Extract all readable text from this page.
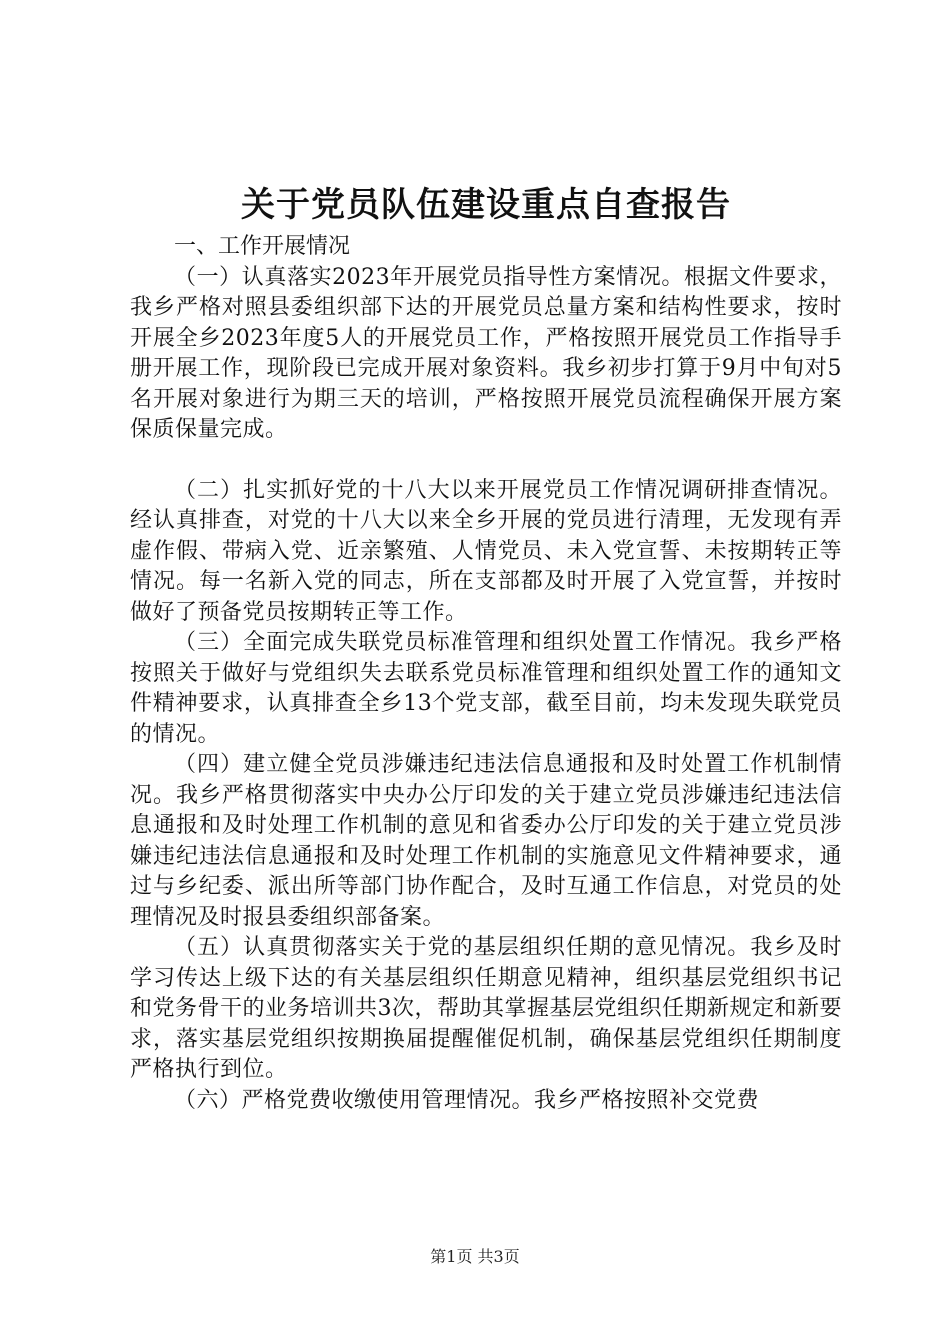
关于党员队伍建设重点自查报告

一、工作开展情况

（一）认真落实2023年开展党员指导性方案情况。根据文件要求，我乡严格对照县委组织部下达的开展党员总量方案和结构性要求，按时开展全乡2023年度5人的开展党员工作，严格按照开展党员工作指导手册开展工作，现阶段已完成开展对象资料。我乡初步打算于9月中旬对5名开展对象进行为期三天的培训，严格按照开展党员流程确保开展方案保质保量完成。

（二）扎实抓好党的十八大以来开展党员工作情况调研排查情况。经认真排查，对党的十八大以来全乡开展的党员进行清理，无发现有弄虚作假、带病入党、近亲繁殖、人情党员、未入党宣誓、未按期转正等情况。每一名新入党的同志，所在支部都及时开展了入党宣誓，并按时做好了预备党员按期转正等工作。

（三）全面完成失联党员标准管理和组织处置工作情况。我乡严格按照关于做好与党组织失去联系党员标准管理和组织处置工作的通知文件精神要求，认真排查全乡13个党支部，截至目前，均未发现失联党员的情况。

（四）建立健全党员涉嫌违纪违法信息通报和及时处置工作机制情况。我乡严格贯彻落实中央办公厅印发的关于建立党员涉嫌违纪违法信息通报和及时处理工作机制的意见和省委办公厅印发的关于建立党员涉嫌违纪违法信息通报和及时处理工作机制的实施意见文件精神要求，通过与乡纪委、派出所等部门协作配合，及时互通工作信息，对党员的处理情况及时报县委组织部备案。

（五）认真贯彻落实关于党的基层组织任期的意见情况。我乡及时学习传达上级下达的有关基层组织任期意见精神，组织基层党组织书记和党务骨干的业务培训共3次，帮助其掌握基层党组织任期新规定和新要求，落实基层党组织按期换届提醒催促机制，确保基层党组织任期制度严格执行到位。

（六）严格党费收缴使用管理情况。我乡严格按照补交党费

第1页 共3页
